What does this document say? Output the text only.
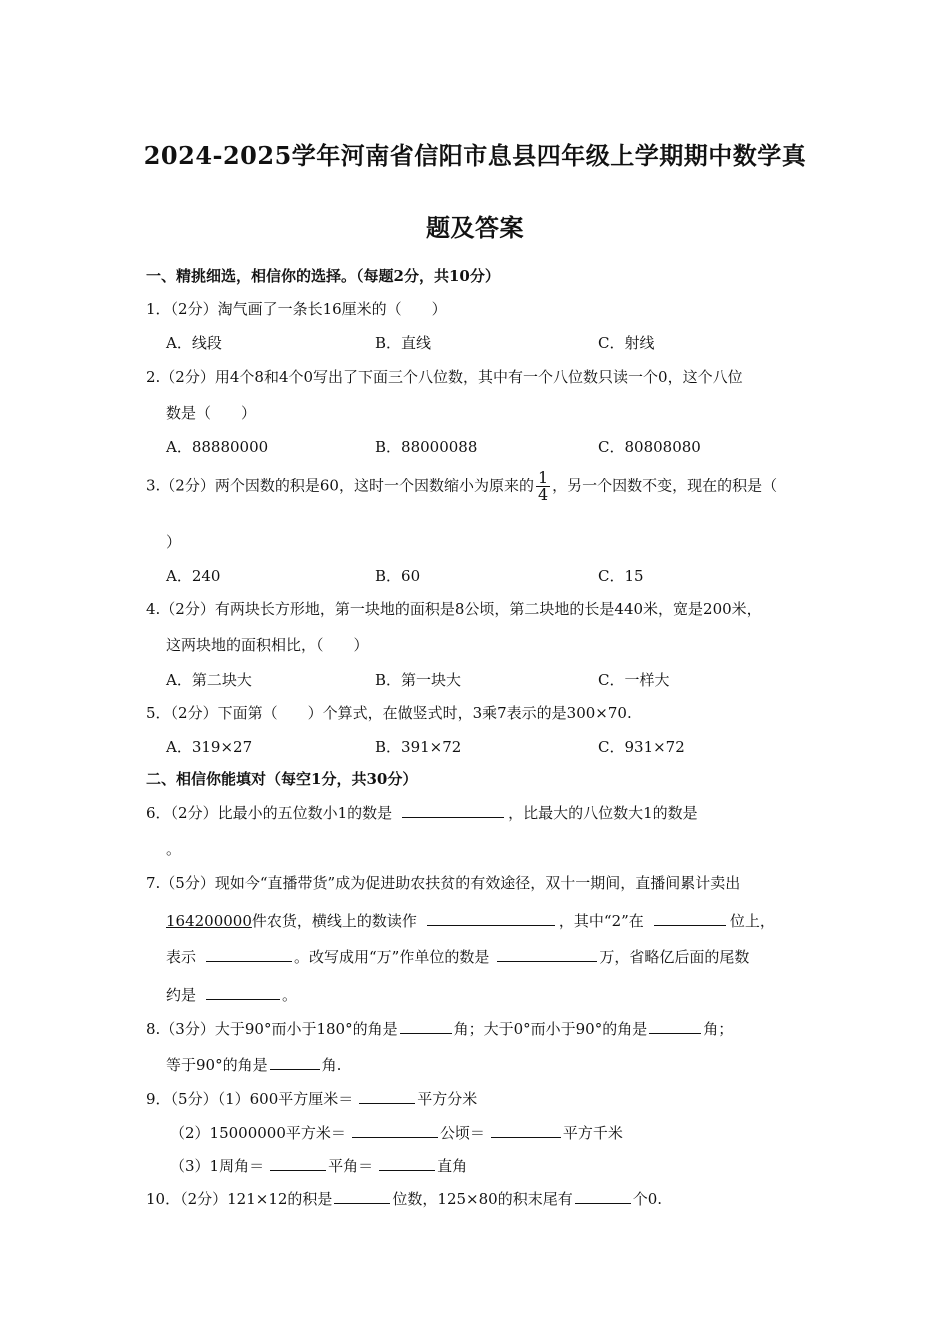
2024-2025学年河南省信阳市息县四年级上学期期中数学真
题及答案
一、精挑细选，相信你的选择。（每题2分，共10分）
1．（2分）淘气画了一条长16厘米的（　　）
A．线段	B．直线	C．射线
2.（2分）用4个8和4个0写出了下面三个八位数，其中有一个八位数只读一个0，这个八位
数是（　　）
A．88880000	B．88000088	C．80808080
3.（2分）两个因数的积是60，这时一个因数缩小为原来的 $\frac{1}{4}$ ，另一个因数不变，现在的积是（
）
A．240	B．60	C．15
4.（2分）有两块长方形地，第一块地的面积是8公顷，第二块地的长是440米，宽是200米，
这两块地的面积相比，（　　）
A．第二块大	B．第一块大	C．一样大
5．（2分）下面第（　　）个算式，在做竖式时，3乘7表示的是300×70.
A．319×27	B．391×72	C．931×72
二、相信你能填对（每空1分，共30分）
6．（2分）比最小的五位数小1的数是	，比最大的八位数大1的数是
。
7.（5分）现如今“直播带货”成为促进助农扶贫的有效途径，双十一期间，直播间累计卖出
164200000件农货，横线上的数读作	，其中“2”在	位上，
表示	。改写成用“万”作单位的数是	万，省略亿后面的尾数
约是	。
8.（3分）大于90°而小于180°的角是	角；大于0°而小于90°的角是	角；
等于90°的角是	角.
9．（5分）（1）600平方厘米＝	平方分米
（2）15000000平方米＝	公顷＝	平方千米
（3）1周角＝	平角＝	直角
10．（2分）121×12的积是	位数，125×80的积末尾有	个0.
